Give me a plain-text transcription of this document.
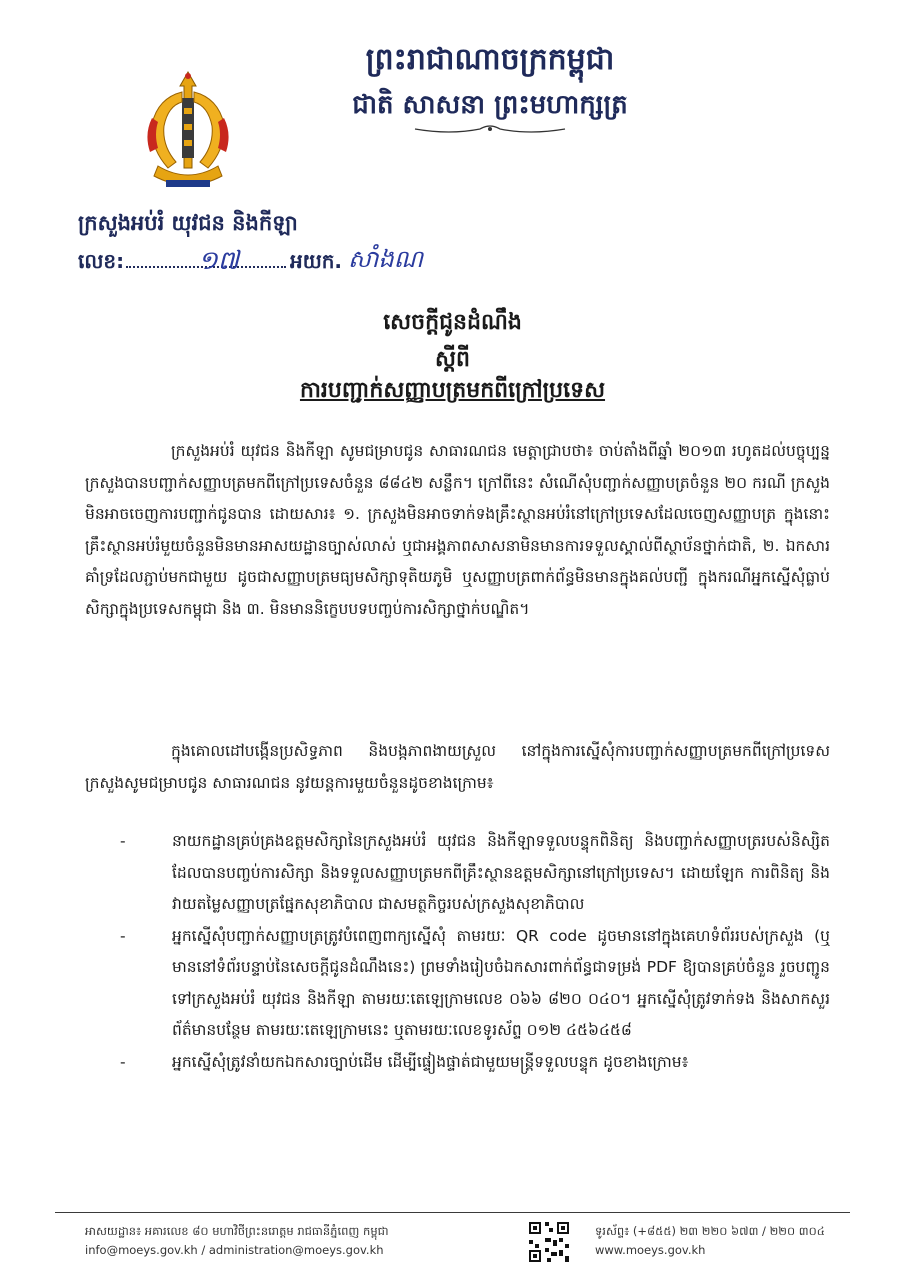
ព្រះរាជាណាចក្រកម្ពុជា
ជាតិ សាសនា ព្រះមហាក្សត្រ
ក្រសួងអប់រំ យុវជន និងកីឡា
លេខ:	១៧	អយក. សាំងណ
សេចក្តីជូនដំណឹង
ស្តីពី
ការបញ្ជាក់សញ្ញាបត្រមកពីក្រៅប្រទេស
ក្រសួងអប់រំ យុវជន និងកីឡា សូមជម្រាបជូន សាធារណជន មេត្តាជ្រាបថា៖ ចាប់តាំងពីឆ្នាំ ២០១៣ រហូតដល់បច្ចុប្បន្ន ក្រសួងបានបញ្ជាក់សញ្ញាបត្រមកពីក្រៅប្រទេសចំនួន ៨៨៤២ សន្លឹក។ ក្រៅពីនេះ សំណើសុំបញ្ជាក់សញ្ញាបត្រចំនួន ២០ ករណី ក្រសួងមិនអាចចេញការបញ្ជាក់ជូនបាន ដោយសារ៖ ១. ក្រសួងមិនអាចទាក់ទងគ្រឹះស្ថានអប់រំនៅក្រៅប្រទេសដែលចេញសញ្ញាបត្រ ក្នុងនោះ គ្រឹះស្ថានអប់រំមួយចំនួនមិនមានអាសយដ្ឋានច្បាស់លាស់ ឬជាអង្គភាពសាសនាមិនមានការទទួលស្គាល់ពីស្ថាប័នថ្នាក់ជាតិ, ២. ឯកសារគាំទ្រដែលភ្ជាប់មកជាមួយ ដូចជាសញ្ញាបត្រមធ្យមសិក្សាទុតិយភូមិ ឬសញ្ញាបត្រពាក់ព័ន្ធមិនមានក្នុងគល់បញ្ជី ក្នុងករណីអ្នកស្នើសុំធ្លាប់សិក្សាក្នុងប្រទេសកម្ពុជា និង ៣. មិនមាននិក្ខេបបទបញ្ចប់ការសិក្សាថ្នាក់បណ្ឌិត។
ក្នុងគោលដៅបង្កើនប្រសិទ្ធភាព និងបង្កភាពងាយស្រួល នៅក្នុងការស្នើសុំការបញ្ជាក់សញ្ញាបត្រមកពីក្រៅប្រទេស ក្រសួងសូមជម្រាបជូន សាធារណជន នូវយន្តការមួយចំនួនដូចខាងក្រោម៖
-	នាយកដ្ឋានគ្រប់គ្រងឧត្តមសិក្សានៃក្រសួងអប់រំ យុវជន និងកីឡាទទួលបន្ទុកពិនិត្យ និងបញ្ជាក់សញ្ញាបត្ររបស់និស្សិត ដែលបានបញ្ចប់ការសិក្សា និងទទួលសញ្ញាបត្រមកពីគ្រឹះស្ថានឧត្តមសិក្សានៅក្រៅប្រទេស។ ដោយឡែក ការពិនិត្យ និងវាយតម្លៃសញ្ញាបត្រផ្នែកសុខាភិបាល ជាសមត្ថកិច្ចរបស់ក្រសួងសុខាភិបាល
-	អ្នកស្នើសុំបញ្ជាក់សញ្ញាបត្រត្រូវបំពេញពាក្យស្នើសុំ តាមរយៈ QR code ដូចមាននៅក្នុងគេហទំព័ររបស់ក្រសួង (ឬមាននៅទំព័របន្ទាប់នៃសេចក្តីជូនដំណឹងនេះ) ព្រមទាំងរៀបចំឯកសារពាក់ព័ន្ធជាទម្រង់ PDF ឱ្យបានគ្រប់ចំនួន រួចបញ្ជូនទៅក្រសួងអប់រំ យុវជន និងកីឡា តាមរយៈតេឡេក្រាមលេខ ០៦៦ ៨២០ ០៤០។ អ្នកស្នើសុំត្រូវទាក់ទង និងសាកសួរព័ត៌មានបន្ថែម តាមរយៈតេឡេក្រាមនេះ ឬតាមរយៈលេខទូរស័ព្ទ ០១២ ៤៥៦៤៥៨
-	អ្នកស្នើសុំត្រូវនាំយកឯកសារច្បាប់ដើម ដើម្បីផ្ទៀងផ្ទាត់ជាមួយមន្ត្រីទទួលបន្ទុក ដូចខាងក្រោម៖
អាសយដ្ឋាន៖ អគារលេខ ៨០ មហាវិថីព្រះនរោត្តម រាជធានីភ្នំពេញ កម្ពុជា
info@moeys.gov.kh / administration@moeys.gov.kh
ទូរស័ព្ទ៖ (+៨៥៥) ២៣ ២២០ ៦៧៣ / ២២០ ៣០៤
www.moeys.gov.kh
